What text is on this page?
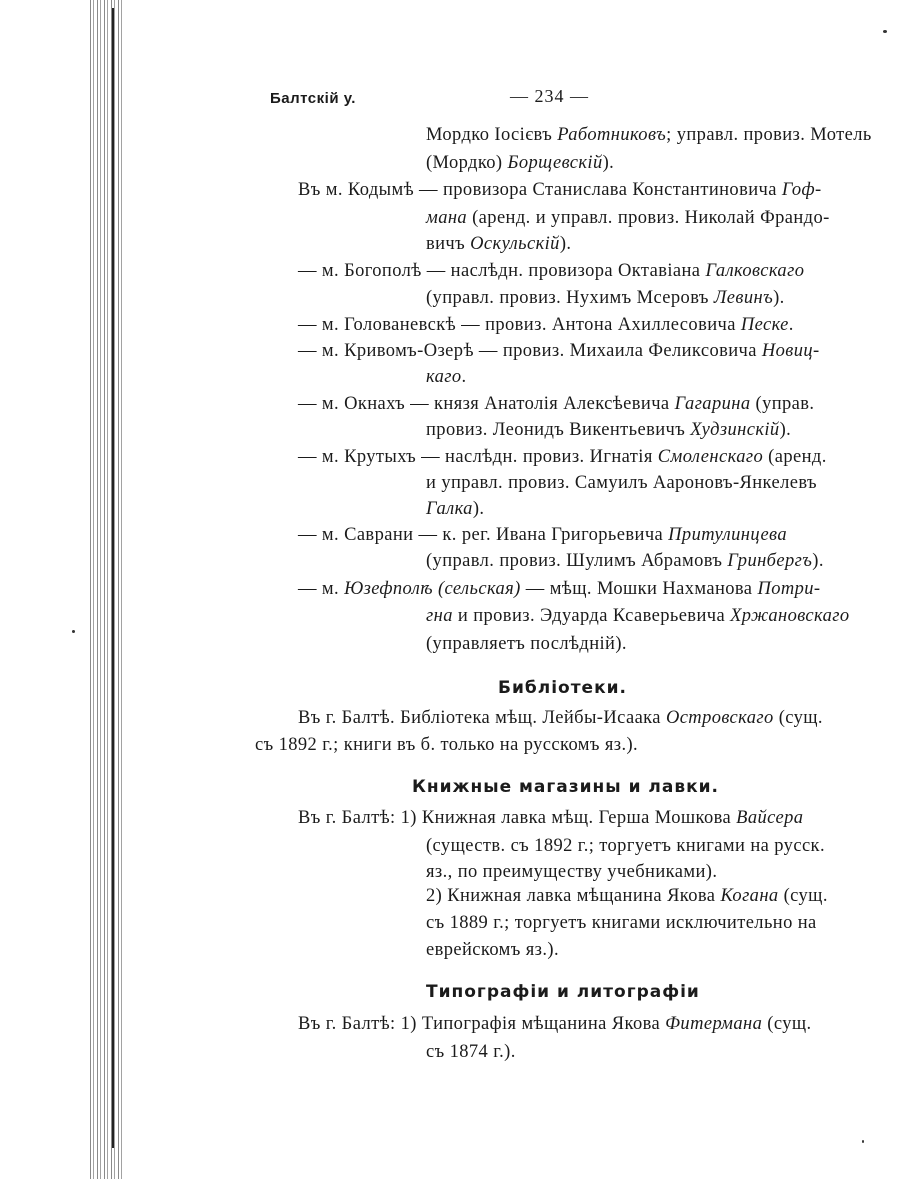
Балтскій у.	— 234 —
Мордко Іосієвъ Работниковъ; управл. провиз. Мотель
(Мордко) Борщевскій).
Въ м. Кодымѣ — провизора Станислава Константиновича Гоф-
мана (аренд. и управл. провиз. Николай Франдо-
вичъ Оскульскій).
— м. Богополѣ — наслѣдн. провизора Октавіана Галковскаго
(управл. провиз. Нухимъ Мсеровъ Левинъ).
— м. Голованевскѣ — провиз. Антона Ахиллесовича Песке.
— м. Кривомъ-Озерѣ — провиз. Михаила Феликсовича Новиц-
каго.
— м. Окнахъ — князя Анатолія Алексѣевича Гагарина (управ.
провиз. Леонидъ Викентьевичъ Худзинскій).
— м. Крутыхъ — наслѣдн. провиз. Игнатія Смоленскаго (аренд.
и управл. провиз. Самуилъ Аароновъ-Янкелевъ
Галка).
— м. Саврани — к. рег. Ивана Григорьевича Притулинцева
(управл. провиз. Шулимъ Абрамовъ Гринбергъ).
— м. Юзефполѣ (сельская) — мѣщ. Мошки Нахманова Потри-
гна и провиз. Эдуарда Ксаверьевича Хржановскаго
(управляетъ послѣдній).
Библіотеки.
Въ г. Балтѣ. Библіотека мѣщ. Лейбы-Исаака Островскаго (сущ.
съ 1892 г.; книги въ б. только на русскомъ яз.).
Книжные магазины и лавки.
Въ г. Балтѣ: 1) Книжная лавка мѣщ. Герша Мошкова Вайсера
(существ. съ 1892 г.; торгуетъ книгами на русск.
яз., по преимуществу учебниками).
2) Книжная лавка мѣщанина Якова Когана (сущ.
съ 1889 г.; торгуетъ книгами исключительно на
еврейскомъ яз.).
Типографіи и литографіи
Въ г. Балтѣ: 1) Типографія мѣщанина Якова Фитермана (сущ.
съ 1874 г.).
